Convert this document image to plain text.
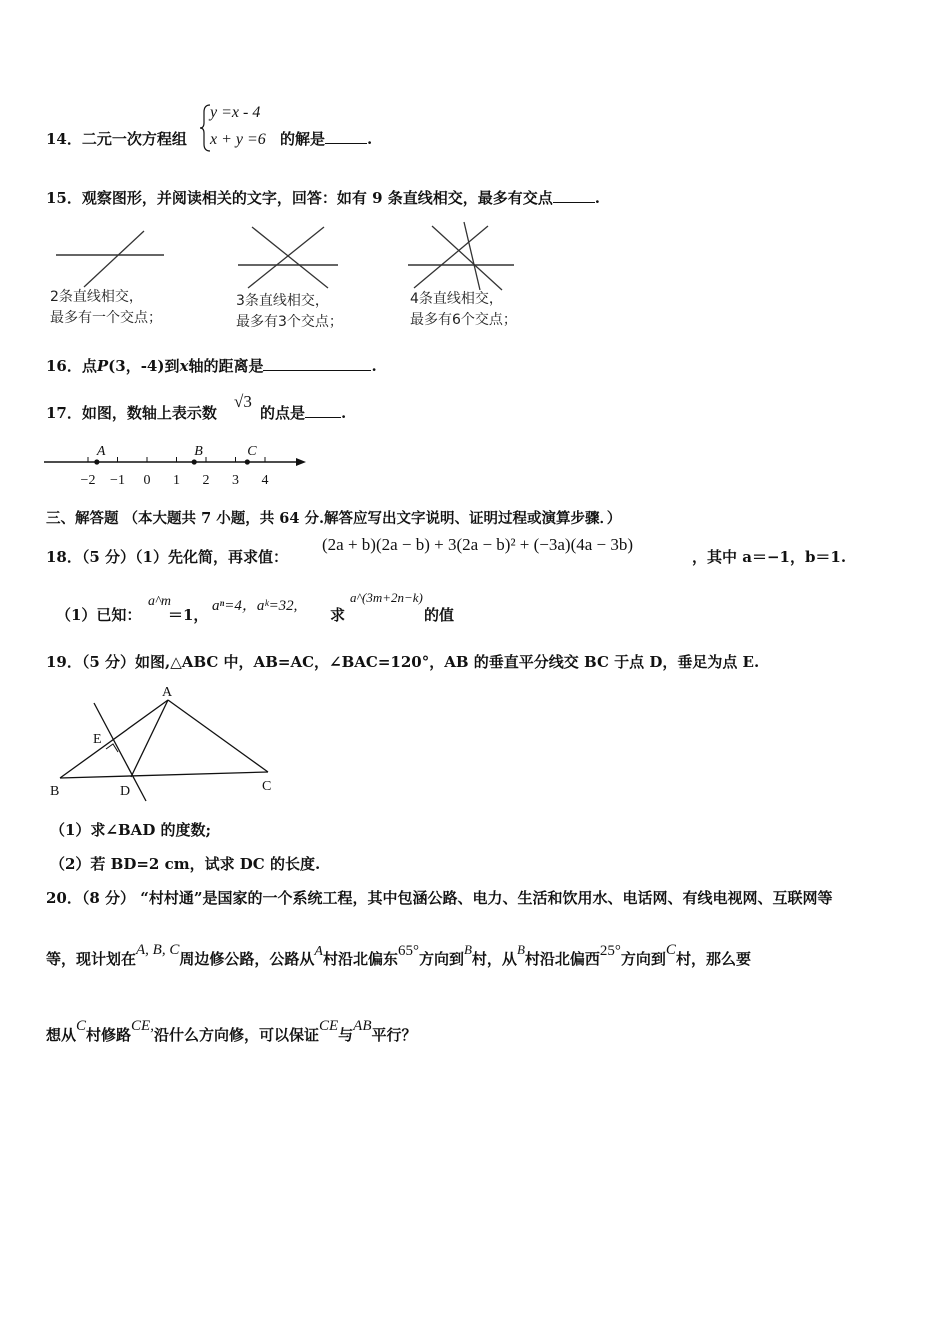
14．二元一次方程组
y =x - 4
x + y =6 的解是	.
15．观察图形，并阅读相关的文字，回答：如有 9 条直线相交，最多有交点	.
2条直线相交，
最多有一个交点；
3条直线相交，
最多有3个交点；
4条直线相交，
最多有6个交点；
16．点P(3，-4)到x轴的距离是	.
17．如图，数轴上表示数
√3
的点是 .
−2 −1 0 1 2 3 4
A	B	C
三、解答题 （本大题共 7 小题，共 64 分.解答应写出文字说明、证明过程或演算步骤．）
18．（5 分）（1）先化简，再求值：
(2a + b)(2a − b) + 3(2a − b)² + (−3a)(4a − 3b)
，其中 a＝−1，b＝1.
（1）已知：
a^m
＝1， aⁿ=4，aᵏ=32, 求
a^(3m+2n−k)
的值
19．（5 分）如图,△ABC 中，AB=AC，∠BAC=120°，AB 的垂直平分线交 BC 于点 D，垂足为点 E.
A
B	C
D
E
（1）求∠BAD 的度数;
（2）若 BD=2 cm，试求 DC 的长度.
20．（8 分） “村村通”是国家的一个系统工程，其中包涵公路、电力、生活和饮用水、电话网、有线电视网、互联网等
等，现计划在A, B, C周边修公路，公路从A村沿北偏东65°方向到B村，从B村沿北偏西25°方向到C村，那么要
想从C村修路CE,沿什么方向修，可以保证CE与AB平行？
